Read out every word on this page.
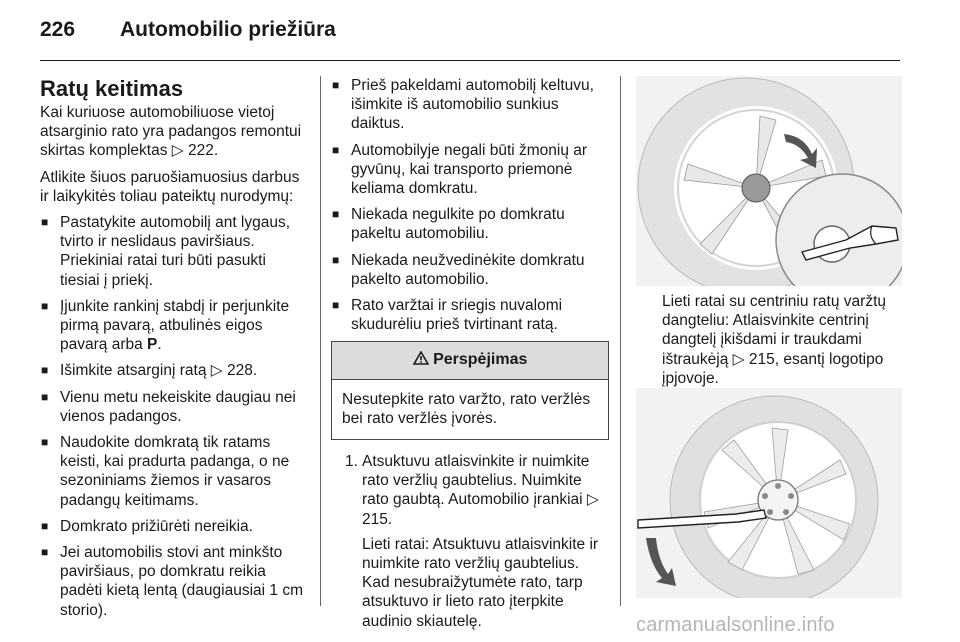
226	Automobilio priežiūra
Ratų keitimas

Kai kuriuose automobiliuose vietoj atsarginio rato yra padangos remontui skirtas komplektas ▷ 222.

Atlikite šiuos paruošiamuosius darbus ir laikykitės toliau pateiktų nurodymų:

■ Pastatykite automobilį ant lygaus, tvirto ir neslidaus paviršiaus. Priekiniai ratai turi būti pasukti tiesiai į priekį.
■ Įjunkite rankinį stabdį ir perjunkite pirmą pavarą, atbulinės eigos pavarą arba P.
■ Išimkite atsarginį ratą ▷ 228.
■ Vienu metu nekeiskite daugiau nei vienos padangos.
■ Naudokite domkratą tik ratams keisti, kai pradurta padanga, o ne sezoniniams žiemos ir vasaros padangų keitimams.
■ Domkrato prižiūrėti nereikia.
■ Jei automobilis stovi ant minkšto paviršiaus, po domkratu reikia padėti kietą lentą (daugiausiai 1 cm storio).
■ Prieš pakeldami automobilį keltuvu, išimkite iš automobilio sunkius daiktus.
■ Automobilyje negali būti žmonių ar gyvūnų, kai transporto priemonė keliama domkratu.
■ Niekada negulkite po domkratu pakeltu automobiliu.
■ Niekada neužvedinėkite domkratu pakelto automobilio.
■ Rato varžtai ir sriegis nuvalomi skudurėliu prieš tvirtinant ratą.
Perspėjimas
Nesutepkite rato varžto, rato veržlės bei rato veržlės įvorės.
1. Atsuktuvu atlaisvinkite ir nuimkite rato veržlių gaubtelius. Nuimkite rato gaubtą. Automobilio įrankiai ▷ 215.

Lieti ratai: Atsuktuvu atlaisvinkite ir nuimkite rato veržlių gaubtelius. Kad nesubraižytumėte rato, tarp atsuktuvo ir lieto rato įterpkite audinio skiautelę.

Lieti ratai su centriniu ratų varžtų dangteliu: Atlaisvinkite centrinį dangtelį įkišdami ir traukdami ištraukėją ▷ 215, esantį logotipo įpjovoje.
carmanualsonline.info
